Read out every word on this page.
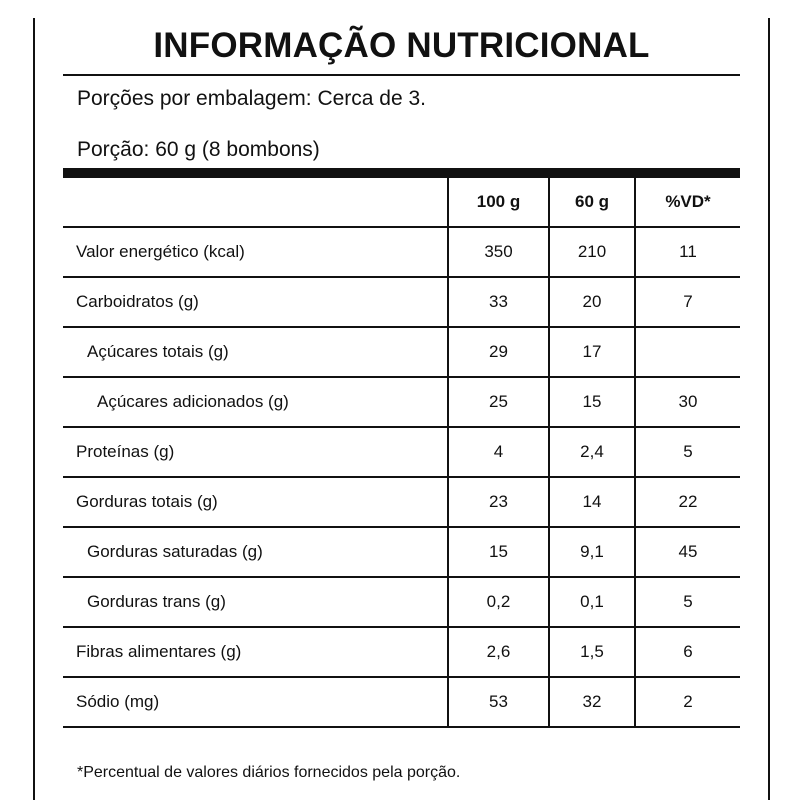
INFORMAÇÃO NUTRICIONAL
Porções por embalagem: Cerca de 3.
Porção: 60 g (8 bombons)
	100 g	60 g	%VD*
Valor energético (kcal)	350	210	11
Carboidratos (g)	33	20	7
Açúcares totais (g)	29	17	
Açúcares adicionados (g)	25	15	30
Proteínas (g)	4	2,4	5
Gorduras totais (g)	23	14	22
Gorduras saturadas (g)	15	9,1	45
Gorduras trans (g)	0,2	0,1	5
Fibras alimentares (g)	2,6	1,5	6
Sódio (mg)	53	32	2
*Percentual de valores diários fornecidos pela porção.
